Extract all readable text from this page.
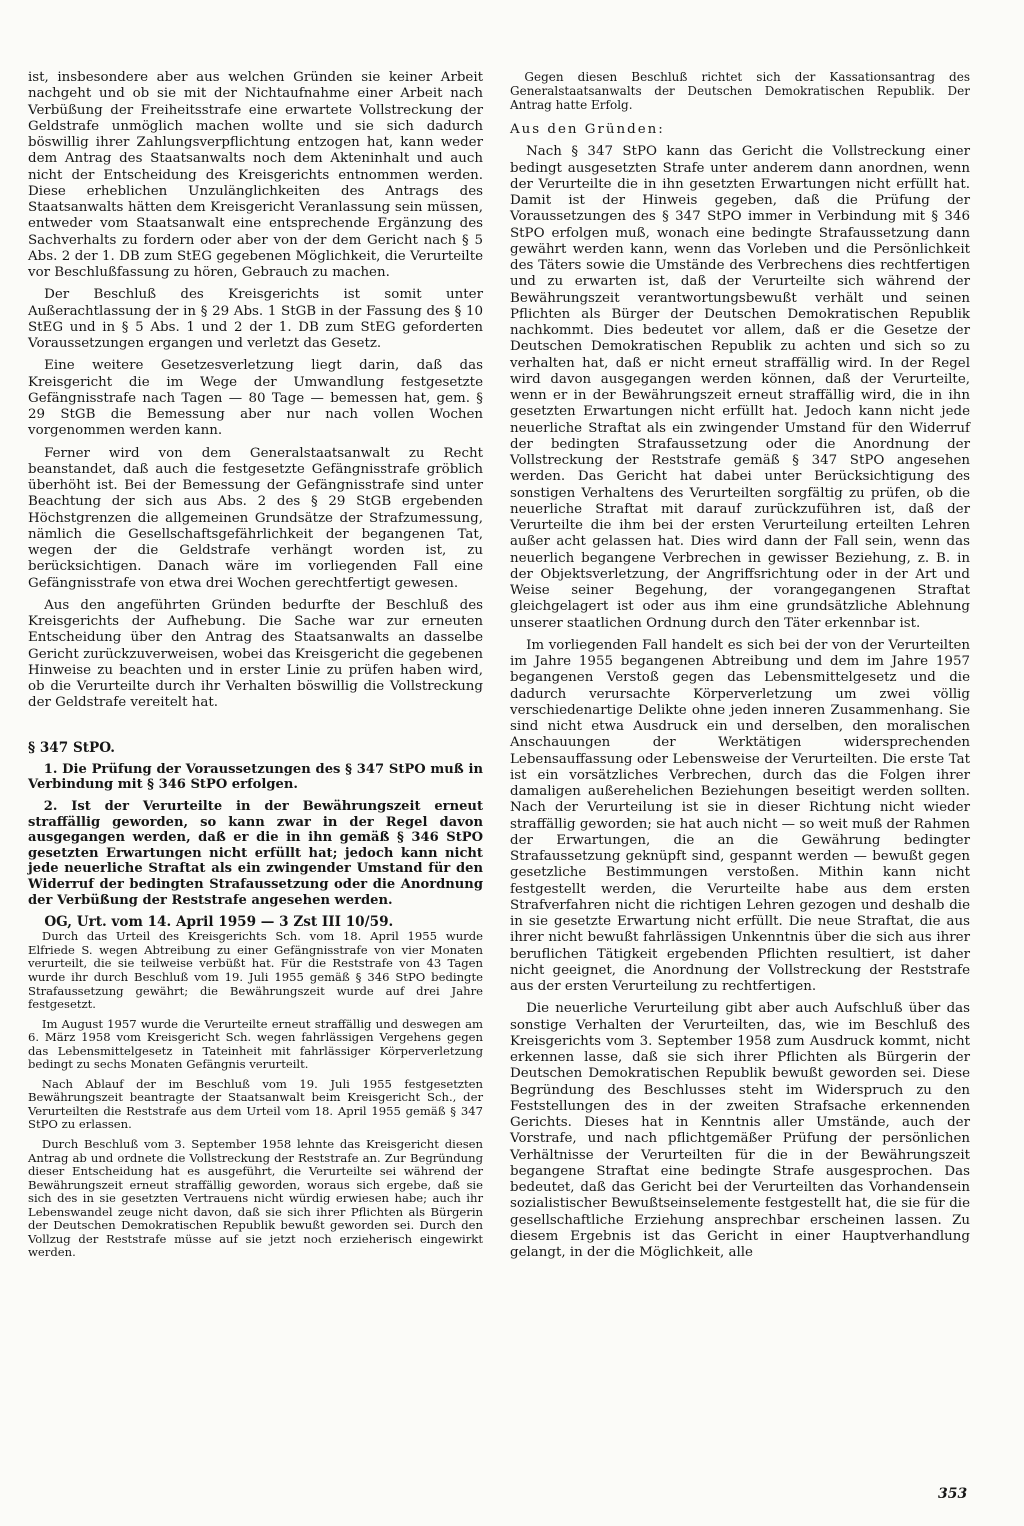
ist, insbesondere aber aus welchen Gründen sie keiner Arbeit nachgeht und ob sie mit der Nichtaufnahme einer Arbeit nach Verbüßung der Freiheitsstrafe eine erwartete Vollstreckung der Geldstrafe unmöglich machen wollte und sie sich dadurch böswillig ihrer Zahlungsverpflichtung entzogen hat, kann weder dem Antrag des Staatsanwalts noch dem Akteninhalt und auch nicht der Entscheidung des Kreisgerichts entnommen werden. Diese erheblichen Unzulänglichkeiten des Antrags des Staatsanwalts hätten dem Kreisgericht Veranlassung sein müssen, entweder vom Staatsanwalt eine entsprechende Ergänzung des Sachverhalts zu fordern oder aber von der dem Gericht nach § 5 Abs. 2 der 1. DB zum StEG gegebenen Möglichkeit, die Verurteilte vor Beschlußfassung zu hören, Gebrauch zu machen.

Der Beschluß des Kreisgerichts ist somit unter Außerachtlassung der in § 29 Abs. 1 StGB in der Fassung des § 10 StEG und in § 5 Abs. 1 und 2 der 1. DB zum StEG geforderten Voraussetzungen ergangen und verletzt das Gesetz.

Eine weitere Gesetzesverletzung liegt darin, daß das Kreisgericht die im Wege der Umwandlung festgesetzte Gefängnisstrafe nach Tagen — 80 Tage — bemessen hat, gem. § 29 StGB die Bemessung aber nur nach vollen Wochen vorgenommen werden kann.

Ferner wird von dem Generalstaatsanwalt zu Recht beanstandet, daß auch die festgesetzte Gefängnisstrafe gröblich überhöht ist. Bei der Bemessung der Gefängnisstrafe sind unter Beachtung der sich aus Abs. 2 des § 29 StGB ergebenden Höchstgrenzen die allgemeinen Grundsätze der Strafzumessung, nämlich die Gesellschaftsgefährlichkeit der begangenen Tat, wegen der die Geldstrafe verhängt worden ist, zu berücksichtigen. Danach wäre im vorliegenden Fall eine Gefängnisstrafe von etwa drei Wochen gerechtfertigt gewesen.

Aus den angeführten Gründen bedurfte der Beschluß des Kreisgerichts der Aufhebung. Die Sache war zur erneuten Entscheidung über den Antrag des Staatsanwalts an dasselbe Gericht zurückzuverweisen, wobei das Kreisgericht die gegebenen Hinweise zu beachten und in erster Linie zu prüfen haben wird, ob die Verurteilte durch ihr Verhalten böswillig die Vollstreckung der Geldstrafe vereitelt hat.

§ 347 StPO.

1. Die Prüfung der Voraussetzungen des § 347 StPO muß in Verbindung mit § 346 StPO erfolgen.

2. Ist der Verurteilte in der Bewährungszeit erneut straffällig geworden, so kann zwar in der Regel davon ausgegangen werden, daß er die in ihn gemäß § 346 StPO gesetzten Erwartungen nicht erfüllt hat; jedoch kann nicht jede neuerliche Straftat als ein zwingender Umstand für den Widerruf der bedingten Strafaussetzung oder die Anordnung der Verbüßung der Reststrafe angesehen werden.

OG, Urt. vom 14. April 1959 — 3 Zst III 10/59.

Durch das Urteil des Kreisgerichts Sch. vom 18. April 1955 wurde Elfriede S. wegen Abtreibung zu einer Gefängnisstrafe von vier Monaten verurteilt, die sie teilweise verbüßt hat. Für die Reststrafe von 43 Tagen wurde ihr durch Beschluß vom 19. Juli 1955 gemäß § 346 StPO bedingte Strafaussetzung gewährt; die Bewährungszeit wurde auf drei Jahre festgesetzt.

Im August 1957 wurde die Verurteilte erneut straffällig und deswegen am 6. März 1958 vom Kreisgericht Sch. wegen fahrlässigen Vergehens gegen das Lebensmittelgesetz in Tateinheit mit fahrlässiger Körperverletzung bedingt zu sechs Monaten Gefängnis verurteilt.

Nach Ablauf der im Beschluß vom 19. Juli 1955 festgesetzten Bewährungszeit beantragte der Staatsanwalt beim Kreisgericht Sch., der Verurteilten die Reststrafe aus dem Urteil vom 18. April 1955 gemäß § 347 StPO zu erlassen.

Durch Beschluß vom 3. September 1958 lehnte das Kreisgericht diesen Antrag ab und ordnete die Vollstreckung der Reststrafe an. Zur Begründung dieser Entscheidung hat es ausgeführt, die Verurteilte sei während der Bewährungszeit erneut straffällig geworden, woraus sich ergebe, daß sie sich des in sie gesetzten Vertrauens nicht würdig erwiesen habe; auch ihr Lebenswandel zeuge nicht davon, daß sie sich ihrer Pflichten als Bürgerin der Deutschen Demokratischen Republik bewußt geworden sei. Durch den Vollzug der Reststrafe müsse auf sie jetzt noch erzieherisch eingewirkt werden.

Gegen diesen Beschluß richtet sich der Kassationsantrag des Generalstaatsanwalts der Deutschen Demokratischen Republik. Der Antrag hatte Erfolg.

Aus den Gründen:

Nach § 347 StPO kann das Gericht die Vollstreckung einer bedingt ausgesetzten Strafe unter anderem dann anordnen, wenn der Verurteilte die in ihn gesetzten Erwartungen nicht erfüllt hat. Damit ist der Hinweis gegeben, daß die Prüfung der Voraussetzungen des § 347 StPO immer in Verbindung mit § 346 StPO erfolgen muß, wonach eine bedingte Strafaussetzung dann gewährt werden kann, wenn das Vorleben und die Persönlichkeit des Täters sowie die Umstände des Verbrechens dies rechtfertigen und zu erwarten ist, daß der Verurteilte sich während der Bewährungszeit verantwortungsbewußt verhält und seinen Pflichten als Bürger der Deutschen Demokratischen Republik nachkommt. Dies bedeutet vor allem, daß er die Gesetze der Deutschen Demokratischen Republik zu achten und sich so zu verhalten hat, daß er nicht erneut straffällig wird. In der Regel wird davon ausgegangen werden können, daß der Verurteilte, wenn er in der Bewährungszeit erneut straffällig wird, die in ihn gesetzten Erwartungen nicht erfüllt hat. Jedoch kann nicht jede neuerliche Straftat als ein zwingender Umstand für den Widerruf der bedingten Strafaussetzung oder die Anordnung der Vollstreckung der Reststrafe gemäß § 347 StPO angesehen werden. Das Gericht hat dabei unter Berücksichtigung des sonstigen Verhaltens des Verurteilten sorgfältig zu prüfen, ob die neuerliche Straftat mit darauf zurückzuführen ist, daß der Verurteilte die ihm bei der ersten Verurteilung erteilten Lehren außer acht gelassen hat. Dies wird dann der Fall sein, wenn das neuerlich begangene Verbrechen in gewisser Beziehung, z. B. in der Objektsverletzung, der Angriffsrichtung oder in der Art und Weise seiner Begehung, der vorangegangenen Straftat gleichgelagert ist oder aus ihm eine grundsätzliche Ablehnung unserer staatlichen Ordnung durch den Täter erkennbar ist.

Im vorliegenden Fall handelt es sich bei der von der Verurteilten im Jahre 1955 begangenen Abtreibung und dem im Jahre 1957 begangenen Verstoß gegen das Lebensmittelgesetz und die dadurch verursachte Körperverletzung um zwei völlig verschiedenartige Delikte ohne jeden inneren Zusammenhang. Sie sind nicht etwa Ausdruck ein und derselben, den moralischen Anschauungen der Werktätigen widersprechenden Lebensauffassung oder Lebensweise der Verurteilten. Die erste Tat ist ein vorsätzliches Verbrechen, durch das die Folgen ihrer damaligen außerehelichen Beziehungen beseitigt werden sollten. Nach der Verurteilung ist sie in dieser Richtung nicht wieder straffällig geworden; sie hat auch nicht — so weit muß der Rahmen der Erwartungen, die an die Gewährung bedingter Strafaussetzung geknüpft sind, gespannt werden — bewußt gegen gesetzliche Bestimmungen verstoßen. Mithin kann nicht festgestellt werden, die Verurteilte habe aus dem ersten Strafverfahren nicht die richtigen Lehren gezogen und deshalb die in sie gesetzte Erwartung nicht erfüllt. Die neue Straftat, die aus ihrer nicht bewußt fahrlässigen Unkenntnis über die sich aus ihrer beruflichen Tätigkeit ergebenden Pflichten resultiert, ist daher nicht geeignet, die Anordnung der Vollstreckung der Reststrafe aus der ersten Verurteilung zu rechtfertigen.

Die neuerliche Verurteilung gibt aber auch Aufschluß über das sonstige Verhalten der Verurteilten, das, wie im Beschluß des Kreisgerichts vom 3. September 1958 zum Ausdruck kommt, nicht erkennen lasse, daß sie sich ihrer Pflichten als Bürgerin der Deutschen Demokratischen Republik bewußt geworden sei. Diese Begründung des Beschlusses steht im Widerspruch zu den Feststellungen des in der zweiten Strafsache erkennenden Gerichts. Dieses hat in Kenntnis aller Umstände, auch der Vorstrafe, und nach pflichtgemäßer Prüfung der persönlichen Verhältnisse der Verurteilten für die in der Bewährungszeit begangene Straftat eine bedingte Strafe ausgesprochen. Das bedeutet, daß das Gericht bei der Verurteilten das Vorhandensein sozialistischer Bewußtseinselemente festgestellt hat, die sie für die gesellschaftliche Erziehung ansprechbar erscheinen lassen. Zu diesem Ergebnis ist das Gericht in einer Hauptverhandlung gelangt, in der die Möglichkeit, alle

353
